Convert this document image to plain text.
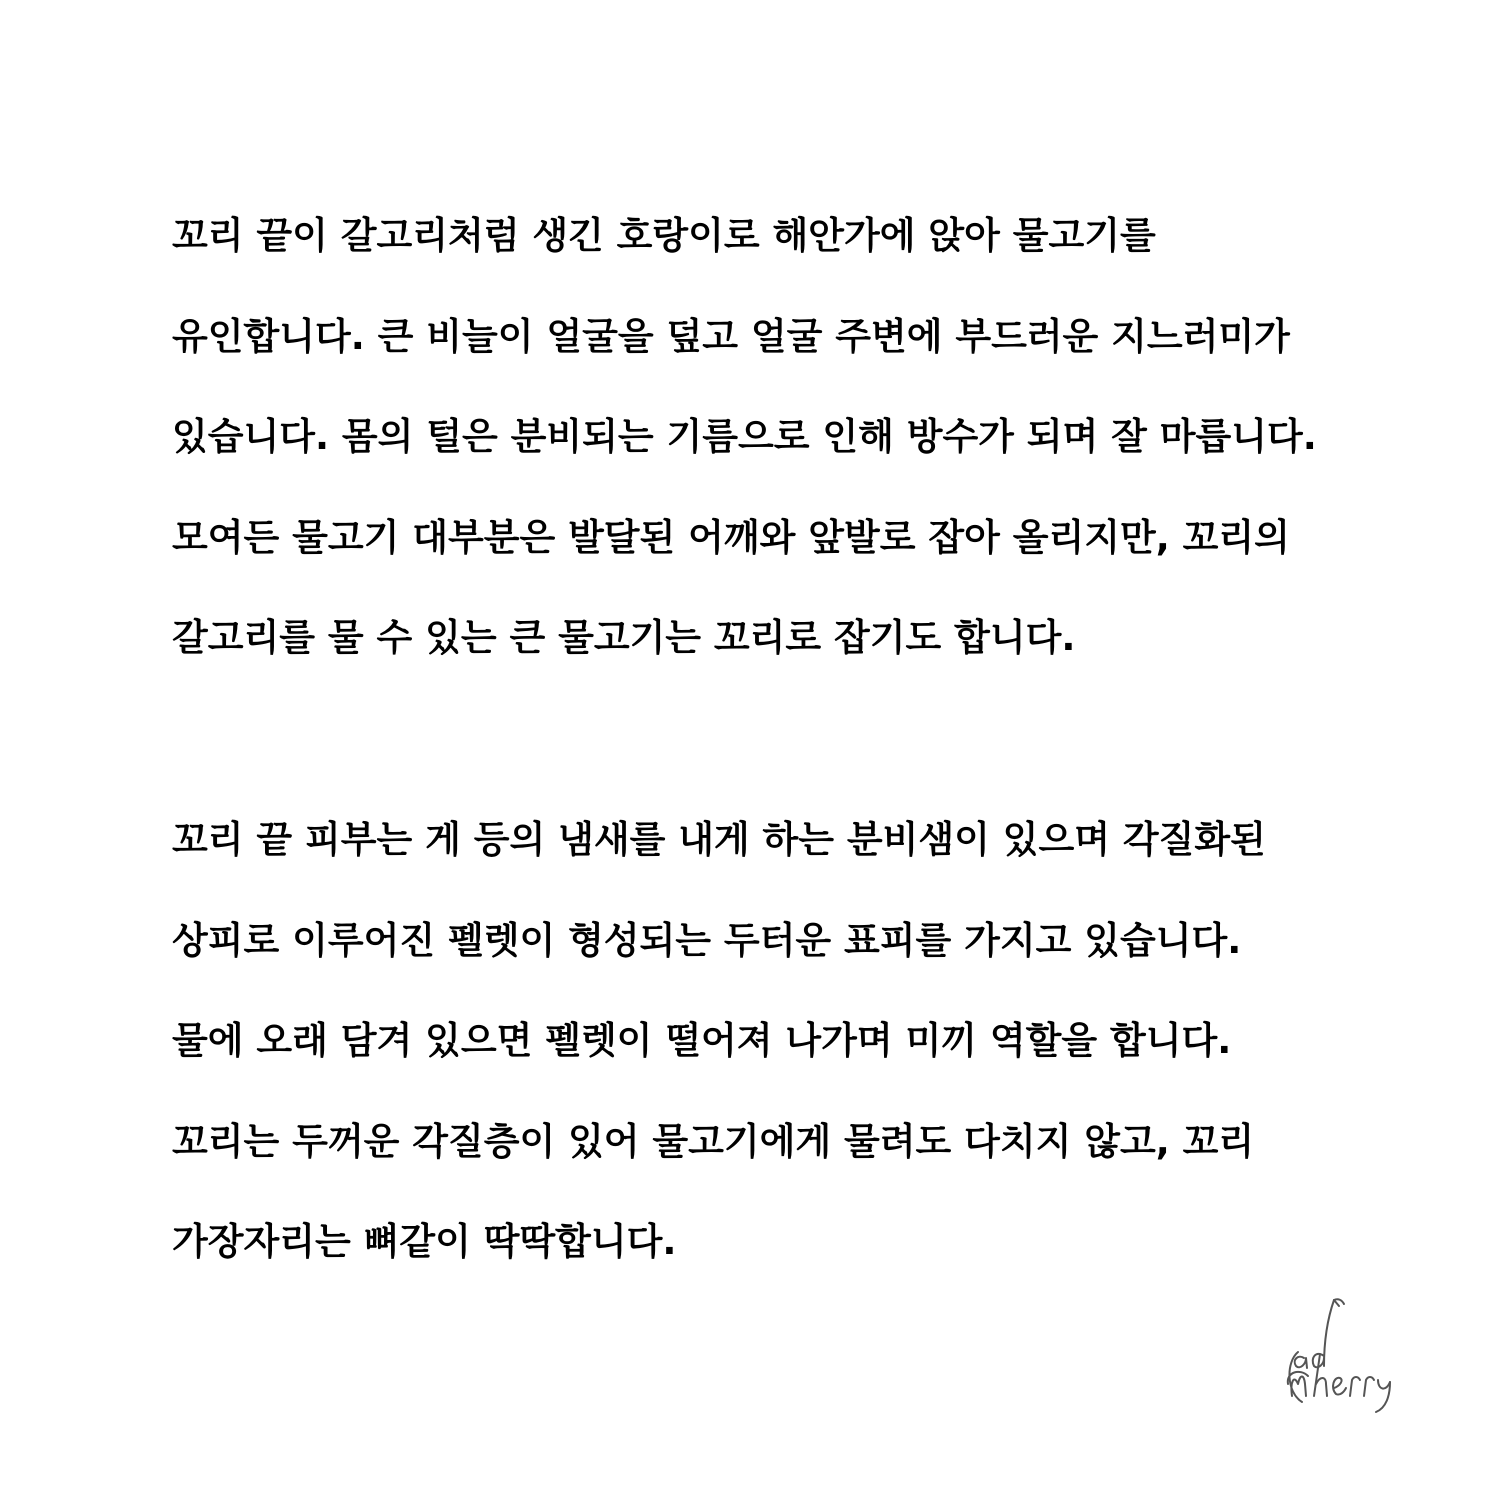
꼬리 끝이 갈고리처럼 생긴 호랑이로 해안가에 앉아 물고기를
유인합니다. 큰 비늘이 얼굴을 덮고 얼굴 주변에 부드러운 지느러미가
있습니다. 몸의 털은 분비되는 기름으로 인해 방수가 되며 잘 마릅니다.
모여든 물고기 대부분은 발달된 어깨와 앞발로 잡아 올리지만, 꼬리의
갈고리를 물 수 있는 큰 물고기는 꼬리로 잡기도 합니다.
꼬리 끝 피부는 게 등의 냄새를 내게 하는 분비샘이 있으며 각질화된
상피로 이루어진 펠렛이 형성되는 두터운 표피를 가지고 있습니다.
물에 오래 담겨 있으면 펠렛이 떨어져 나가며 미끼 역할을 합니다.
꼬리는 두꺼운 각질층이 있어 물고기에게 물려도 다치지 않고, 꼬리
가장자리는 뼈같이 딱딱합니다.
